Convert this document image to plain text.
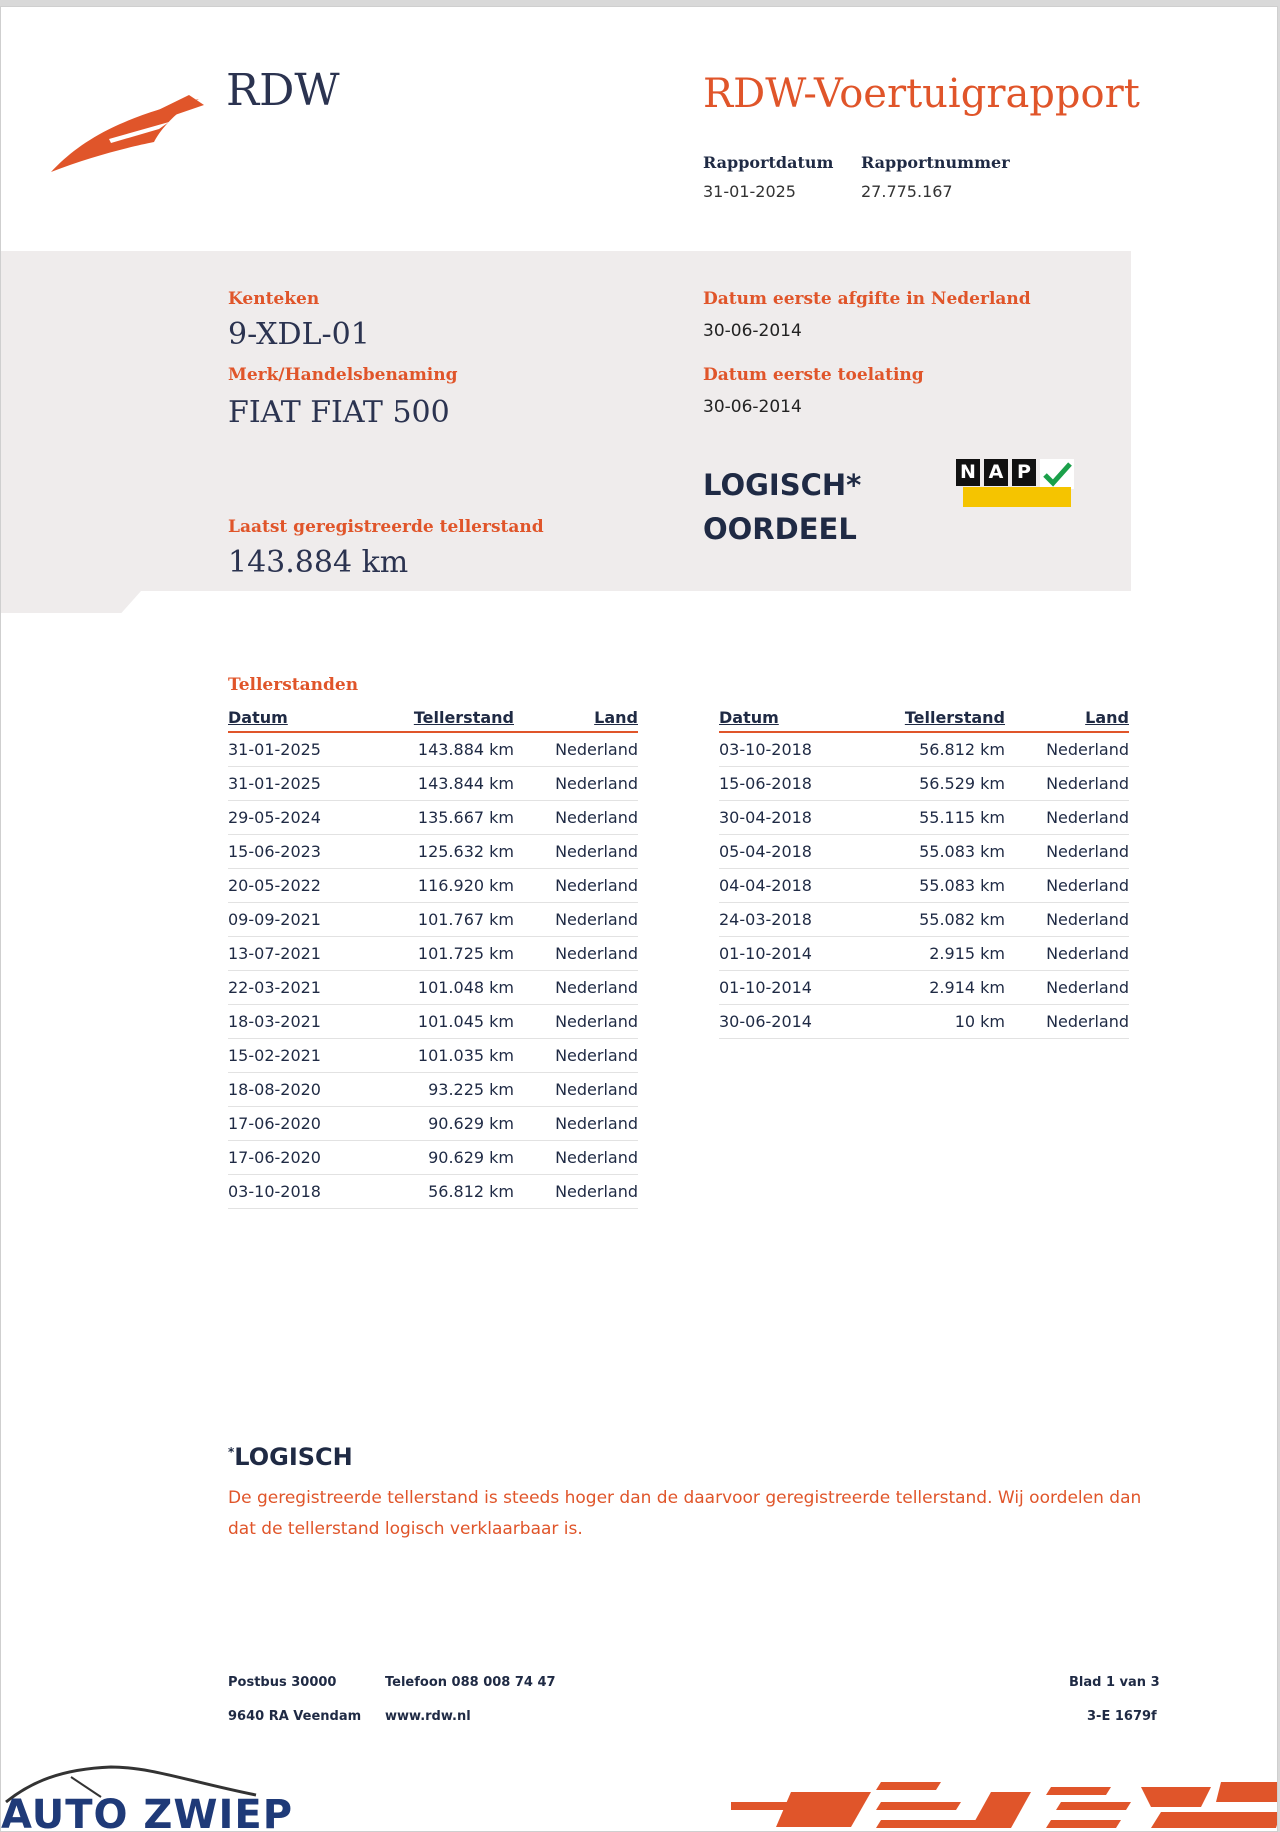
RDW	RDW-Voertuigrapport
Rapportdatum
31-01-2025
Rapportnummer
27.775.167
Kenteken
9-XDL-01
Merk/Handelsbenaming
FIAT FIAT 500
Laatst geregistreerde tellerstand
143.884 km
Datum eerste afgifte in Nederland
30-06-2014
Datum eerste toelating
30-06-2014
LOGISCH*
OORDEEL
N A P
Tellerstanden
Datum	Tellerstand	Land
31-01-2025	143.884 km	Nederland
31-01-2025	143.844 km	Nederland
29-05-2024	135.667 km	Nederland
15-06-2023	125.632 km	Nederland
20-05-2022	116.920 km	Nederland
09-09-2021	101.767 km	Nederland
13-07-2021	101.725 km	Nederland
22-03-2021	101.048 km	Nederland
18-03-2021	101.045 km	Nederland
15-02-2021	101.035 km	Nederland
18-08-2020	93.225 km	Nederland
17-06-2020	90.629 km	Nederland
17-06-2020	90.629 km	Nederland
03-10-2018	56.812 km	Nederland
Datum	Tellerstand	Land
03-10-2018	56.812 km	Nederland
15-06-2018	56.529 km	Nederland
30-04-2018	55.115 km	Nederland
05-04-2018	55.083 km	Nederland
04-04-2018	55.083 km	Nederland
24-03-2018	55.082 km	Nederland
01-10-2014	2.915 km	Nederland
01-10-2014	2.914 km	Nederland
30-06-2014	10 km	Nederland
*LOGISCH
De geregistreerde tellerstand is steeds hoger dan de daarvoor geregistreerde tellerstand. Wij oordelen dan dat de tellerstand logisch verklaarbaar is.
Postbus 30000
9640 RA Veendam
Telefoon 088 008 74 47
www.rdw.nl
Blad 1 van 3
3-E 1679f
AUTO ZWIEP
